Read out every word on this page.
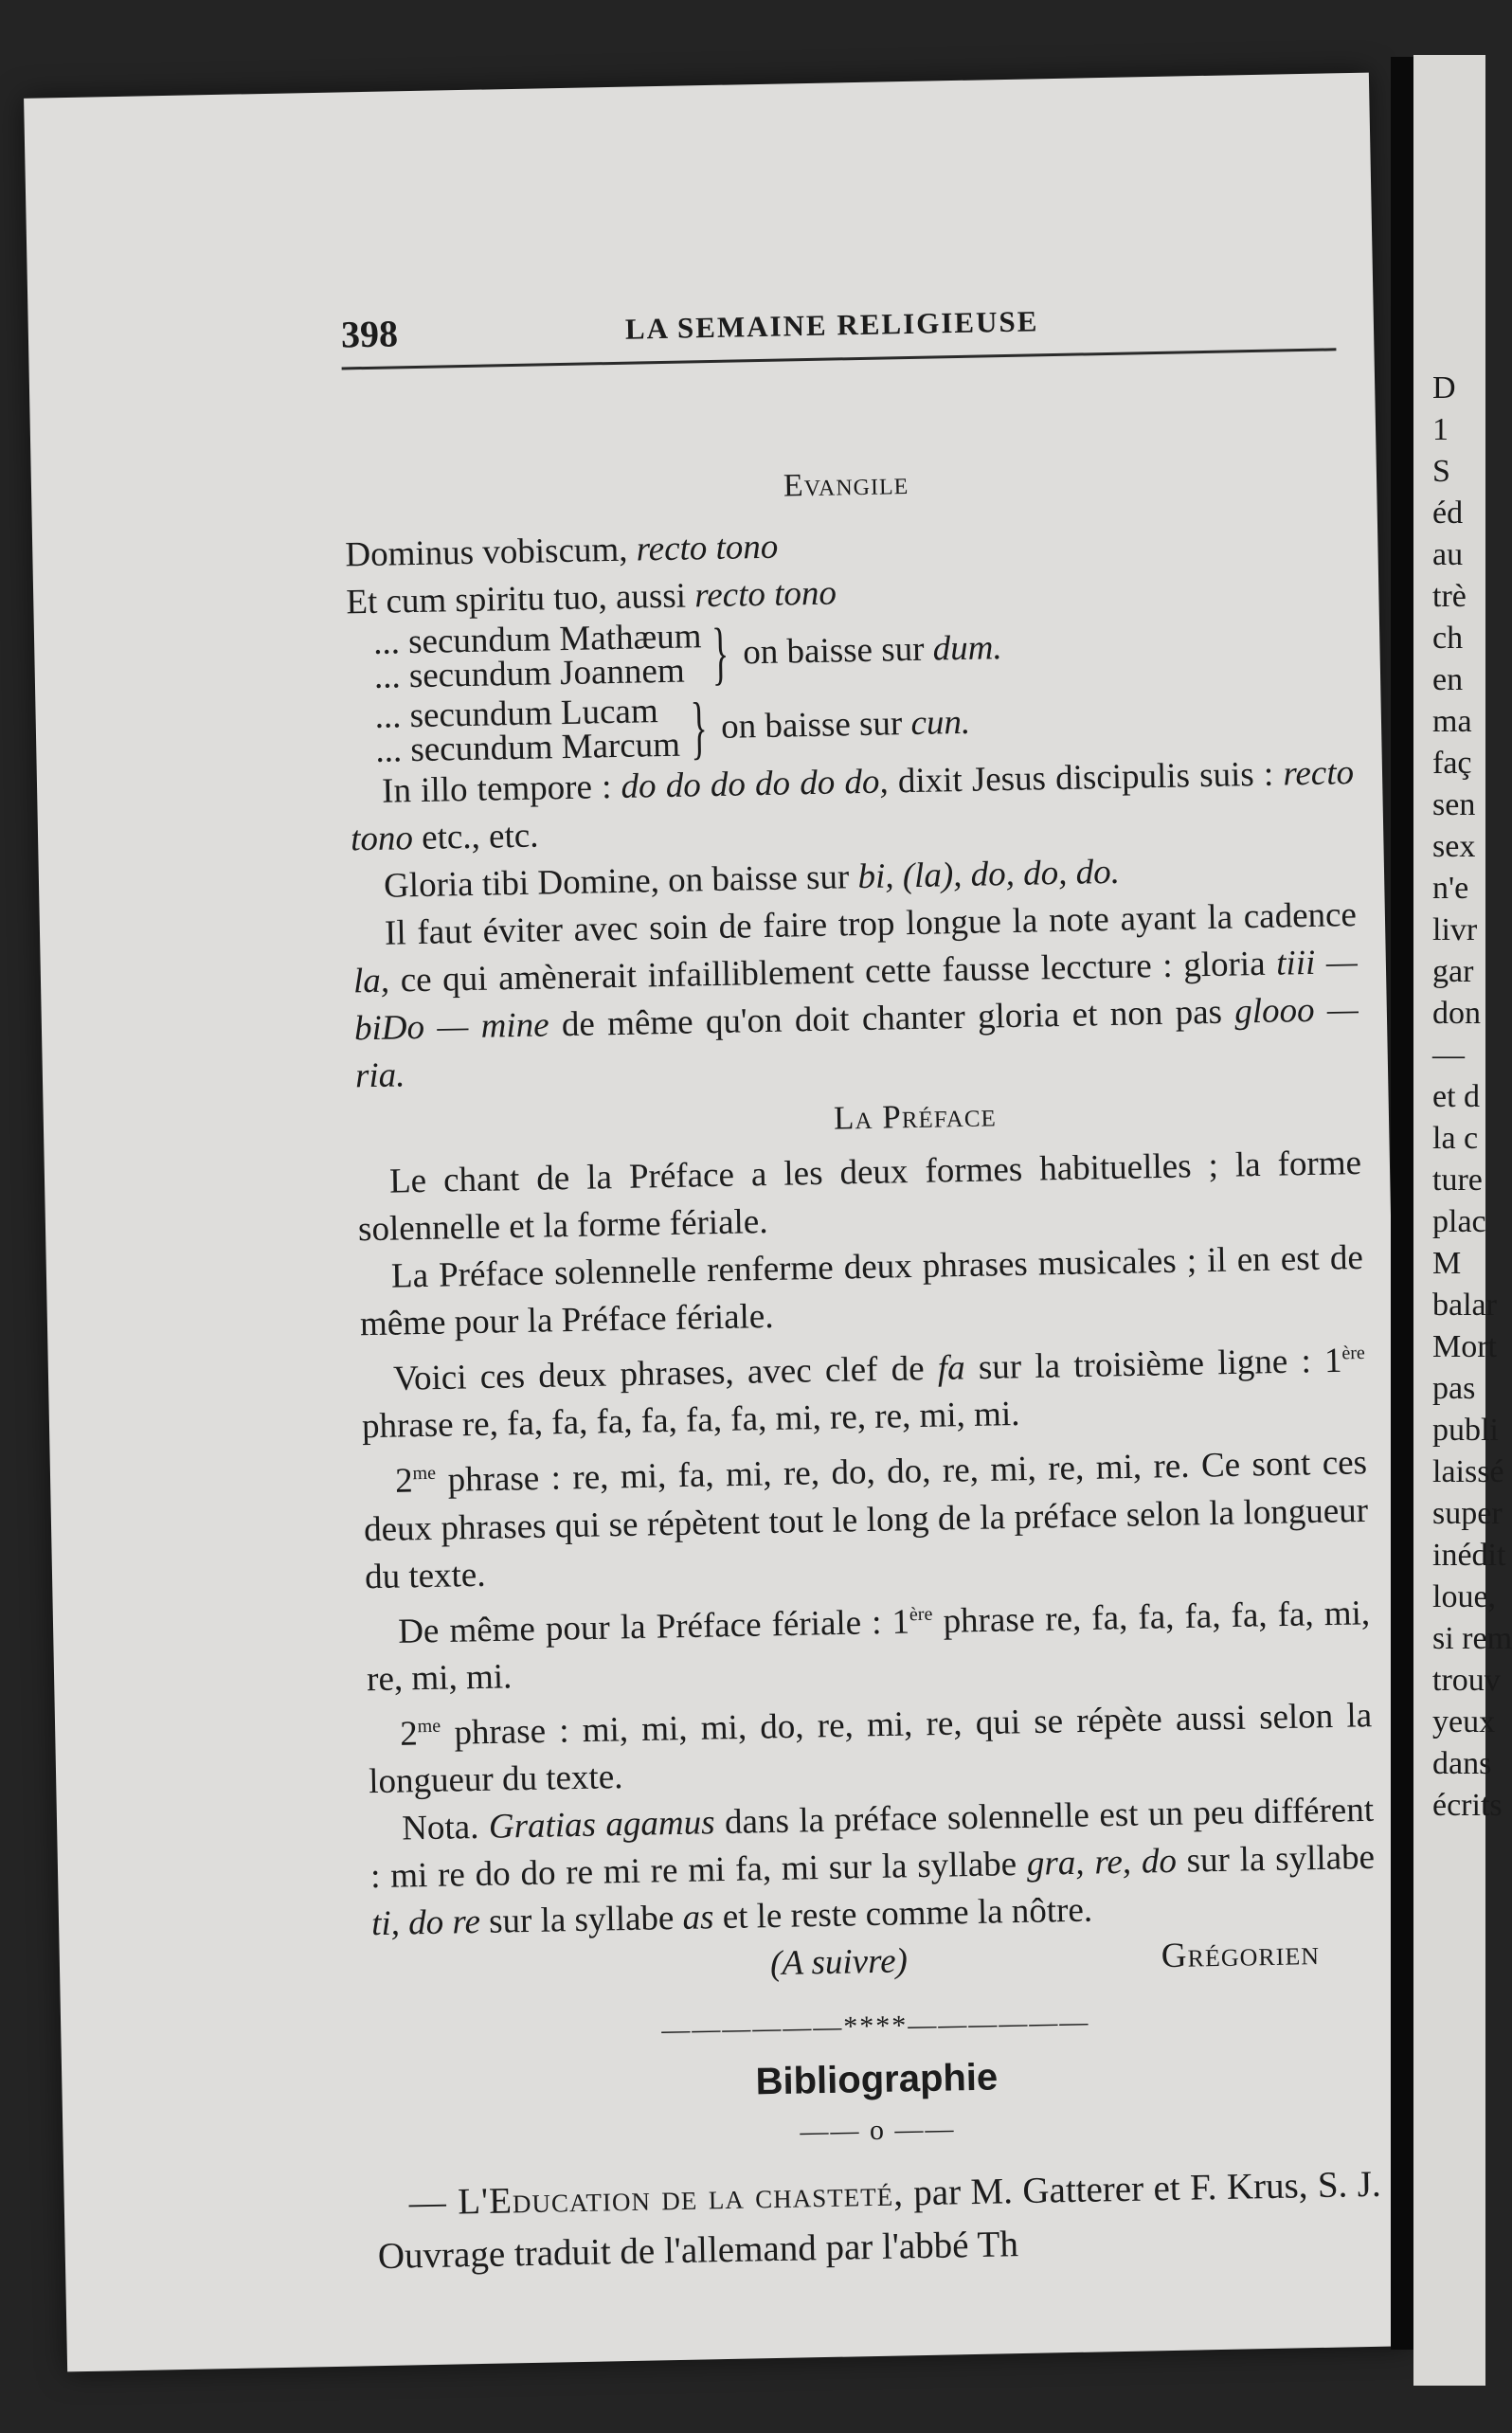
398	LA SEMAINE RELIGIEUSE
Evangile
Dominus vobiscum, recto tono
Et cum spiritu tuo, aussi recto tono
... secundum Mathæum
... secundum Joannem } on baisse sur dum.
... secundum Lucam
... secundum Marcum } on baisse sur cun.
In illo tempore : do do do do do do, dixit Jesus discipulis suis : recto tono etc., etc.
Gloria tibi Domine, on baisse sur bi, (la), do, do, do.
Il faut éviter avec soin de faire trop longue la note ayant la cadence la, ce qui amènerait infailliblement cette fausse leccture : gloria tiii — biDo — mine de même qu'on doit chanter gloria et non pas glooo — ria.
La Préface
Le chant de la Préface a les deux formes habituelles ; la forme solennelle et la forme fériale.
La Préface solennelle renferme deux phrases musicales ; il en est de même pour la Préface fériale.
Voici ces deux phrases, avec clef de fa sur la troisième ligne : 1ère phrase re, fa, fa, fa, fa, fa, fa, mi, re, re, mi, mi.
$2^{me}$ phrase : re, mi, fa, mi, re, do, do, re, mi, re, mi, re. Ce sont ces deux phrases qui se répètent tout le long de la préface selon la longueur du texte.
De même pour la Préface fériale : 1ère phrase re, fa, fa, fa, fa, fa, mi, re, mi, mi.
$2^{me}$ phrase : mi, mi, mi, do, re, mi, re, qui se répète aussi selon la longueur du texte.
Nota. Gratias agamus dans la préface solennelle est un peu différent : mi re do do re mi re mi fa, mi sur la syllabe gra, re, do sur la syllabe ti, do re sur la syllabe as et le reste comme la nôtre.
(A suivre)	Grégorien
——————****——————
Bibliographie
—— o ——
— L'Education de la chasteté, par M. Gatterer et F. Krus, S. J. Ouvrage traduit de l'allemand par l'abbé Th
D
1
S
éd
au
trè
ch
en
ma
faç
sen
sex
n'e
livr
gar
don
—
et d
la c
ture
plac
M
balar
Mort
pas
publi
laissé
super
inédit
loue,
si rem
trouv
yeux
dans
écrits
